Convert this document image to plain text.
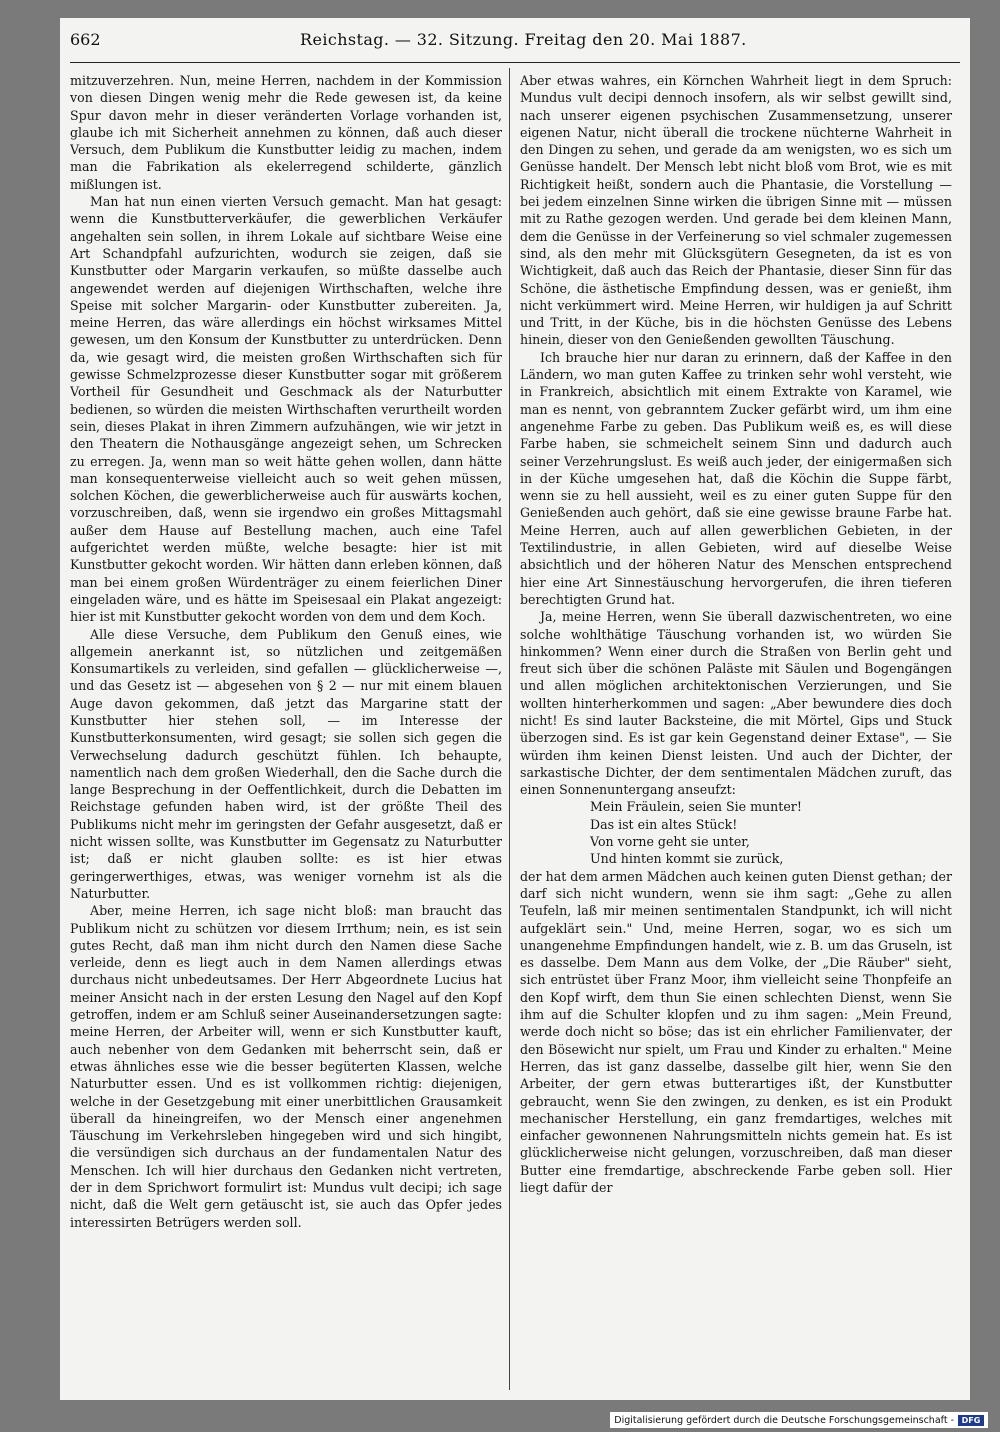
662	Reichstag. — 32. Sitzung. Freitag den 20. Mai 1887.

mitzuverzehren. Nun, meine Herren, nachdem in der Kommission von diesen Dingen wenig mehr die Rede gewesen ist, da keine Spur davon mehr in dieser veränderten Vorlage vorhanden ist, glaube ich mit Sicherheit annehmen zu können, daß auch dieser Versuch, dem Publikum die Kunstbutter leidig zu machen, indem man die Fabrikation als ekelerregend schilderte, gänzlich mißlungen ist.

Man hat nun einen vierten Versuch gemacht. Man hat gesagt: wenn die Kunstbutterverkäufer, die gewerblichen Verkäufer angehalten sein sollen, in ihrem Lokale auf sichtbare Weise eine Art Schandpfahl aufzurichten, wodurch sie zeigen, daß sie Kunstbutter oder Margarin verkaufen, so müßte dasselbe auch angewendet werden auf diejenigen Wirthschaften, welche ihre Speise mit solcher Margarin- oder Kunstbutter zubereiten. Ja, meine Herren, das wäre allerdings ein höchst wirksames Mittel gewesen, um den Konsum der Kunstbutter zu unterdrücken. Denn da, wie gesagt wird, die meisten großen Wirthschaften sich für gewisse Schmelzprozesse dieser Kunstbutter sogar mit größerem Vortheil für Gesundheit und Geschmack als der Naturbutter bedienen, so würden die meisten Wirthschaften verurtheilt worden sein, dieses Plakat in ihren Zimmern aufzuhängen, wie wir jetzt in den Theatern die Nothausgänge angezeigt sehen, um Schrecken zu erregen. Ja, wenn man so weit hätte gehen wollen, dann hätte man konsequenterweise vielleicht auch so weit gehen müssen, solchen Köchen, die gewerblicherweise auch für auswärts kochen, vorzuschreiben, daß, wenn sie irgendwo ein großes Mittagsmahl außer dem Hause auf Bestellung machen, auch eine Tafel aufgerichtet werden müßte, welche besagte: hier ist mit Kunstbutter gekocht worden. Wir hätten dann erleben können, daß man bei einem großen Würdenträger zu einem feierlichen Diner eingeladen wäre, und es hätte im Speisesaal ein Plakat angezeigt: hier ist mit Kunstbutter gekocht worden von dem und dem Koch.

Alle diese Versuche, dem Publikum den Genuß eines, wie allgemein anerkannt ist, so nützlichen und zeitgemäßen Konsumartikels zu verleiden, sind gefallen — glücklicherweise —, und das Gesetz ist — abgesehen von § 2 — nur mit einem blauen Auge davon gekommen, daß jetzt das Margarine statt der Kunstbutter hier stehen soll, — im Interesse der Kunstbutterkonsumenten, wird gesagt; sie sollen sich gegen die Verwechselung dadurch geschützt fühlen. Ich behaupte, namentlich nach dem großen Wiederhall, den die Sache durch die lange Besprechung in der Oeffentlichkeit, durch die Debatten im Reichstage gefunden haben wird, ist der größte Theil des Publikums nicht mehr im geringsten der Gefahr ausgesetzt, daß er nicht wissen sollte, was Kunstbutter im Gegensatz zu Naturbutter ist; daß er nicht glauben sollte: es ist hier etwas geringerwerthiges, etwas, was weniger vornehm ist als die Naturbutter.

Aber, meine Herren, ich sage nicht bloß: man braucht das Publikum nicht zu schützen vor diesem Irrthum; nein, es ist sein gutes Recht, daß man ihm nicht durch den Namen diese Sache verleide, denn es liegt auch in dem Namen allerdings etwas durchaus nicht unbedeutsames. Der Herr Abgeordnete Lucius hat meiner Ansicht nach in der ersten Lesung den Nagel auf den Kopf getroffen, indem er am Schluß seiner Auseinandersetzungen sagte: meine Herren, der Arbeiter will, wenn er sich Kunstbutter kauft, auch nebenher von dem Gedanken mit beherrscht sein, daß er etwas ähnliches esse wie die besser begüterten Klassen, welche Naturbutter essen. Und es ist vollkommen richtig: diejenigen, welche in der Gesetzgebung mit einer unerbittlichen Grausamkeit überall da hineingreifen, wo der Mensch einer angenehmen Täuschung im Verkehrsleben hingegeben wird und sich hingibt, die versündigen sich durchaus an der fundamentalen Natur des Menschen. Ich will hier durchaus den Gedanken nicht vertreten, der in dem Sprichwort formulirt ist: Mundus vult decipi; ich sage nicht, daß die Welt gern getäuscht ist, sie auch das Opfer jedes interessirten Betrügers werden soll.

Aber etwas wahres, ein Körnchen Wahrheit liegt in dem Spruch: Mundus vult decipi dennoch insofern, als wir selbst gewillt sind, nach unserer eigenen psychischen Zusammensetzung, unserer eigenen Natur, nicht überall die trockene nüchterne Wahrheit in den Dingen zu sehen, und gerade da am wenigsten, wo es sich um Genüsse handelt. Der Mensch lebt nicht bloß vom Brot, wie es mit Richtigkeit heißt, sondern auch die Phantasie, die Vorstellung — bei jedem einzelnen Sinne wirken die übrigen Sinne mit — müssen mit zu Rathe gezogen werden. Und gerade bei dem kleinen Mann, dem die Genüsse in der Verfeinerung so viel schmaler zugemessen sind, als den mehr mit Glücksgütern Gesegneten, da ist es von Wichtigkeit, daß auch das Reich der Phantasie, dieser Sinn für das Schöne, die ästhetische Empfindung dessen, was er genießt, ihm nicht verkümmert wird. Meine Herren, wir huldigen ja auf Schritt und Tritt, in der Küche, bis in die höchsten Genüsse des Lebens hinein, dieser von den Genießenden gewollten Täuschung.

Ich brauche hier nur daran zu erinnern, daß der Kaffee in den Ländern, wo man guten Kaffee zu trinken sehr wohl versteht, wie in Frankreich, absichtlich mit einem Extrakte von Karamel, wie man es nennt, von gebranntem Zucker gefärbt wird, um ihm eine angenehme Farbe zu geben. Das Publikum weiß es, es will diese Farbe haben, sie schmeichelt seinem Sinn und dadurch auch seiner Verzehrungslust. Es weiß auch jeder, der einigermaßen sich in der Küche umgesehen hat, daß die Köchin die Suppe färbt, wenn sie zu hell aussieht, weil es zu einer guten Suppe für den Genießenden auch gehört, daß sie eine gewisse braune Farbe hat. Meine Herren, auch auf allen gewerblichen Gebieten, in der Textilindustrie, in allen Gebieten, wird auf dieselbe Weise absichtlich und der höheren Natur des Menschen entsprechend hier eine Art Sinnestäuschung hervorgerufen, die ihren tieferen berechtigten Grund hat.

Ja, meine Herren, wenn Sie überall dazwischentreten, wo eine solche wohlthätige Täuschung vorhanden ist, wo würden Sie hinkommen? Wenn einer durch die Straßen von Berlin geht und freut sich über die schönen Paläste mit Säulen und Bogengängen und allen möglichen architektonischen Verzierungen, und Sie wollten hinterherkommen und sagen: „Aber bewundere dies doch nicht! Es sind lauter Backsteine, die mit Mörtel, Gips und Stuck überzogen sind. Es ist gar kein Gegenstand deiner Extase", — Sie würden ihm keinen Dienst leisten. Und auch der Dichter, der sarkastische Dichter, der dem sentimentalen Mädchen zuruft, das einen Sonnenuntergang anseufzt:

Mein Fräulein, seien Sie munter!
Das ist ein altes Stück!
Von vorne geht sie unter,
Und hinten kommt sie zurück,

der hat dem armen Mädchen auch keinen guten Dienst gethan; der darf sich nicht wundern, wenn sie ihm sagt: „Gehe zu allen Teufeln, laß mir meinen sentimentalen Standpunkt, ich will nicht aufgeklärt sein." Und, meine Herren, sogar, wo es sich um unangenehme Empfindungen handelt, wie z. B. um das Gruseln, ist es dasselbe. Dem Mann aus dem Volke, der „Die Räuber" sieht, sich entrüstet über Franz Moor, ihm vielleicht seine Thonpfeife an den Kopf wirft, dem thun Sie einen schlechten Dienst, wenn Sie ihm auf die Schulter klopfen und zu ihm sagen: „Mein Freund, werde doch nicht so böse; das ist ein ehrlicher Familienvater, der den Bösewicht nur spielt, um Frau und Kinder zu erhalten." Meine Herren, das ist ganz dasselbe, dasselbe gilt hier, wenn Sie den Arbeiter, der gern etwas butterartiges ißt, der Kunstbutter gebraucht, wenn Sie den zwingen, zu denken, es ist ein Produkt mechanischer Herstellung, ein ganz fremdartiges, welches mit einfacher gewonnenen Nahrungsmitteln nichts gemein hat. Es ist glücklicherweise nicht gelungen, vorzuschreiben, daß man dieser Butter eine fremdartige, abschreckende Farbe geben soll. Hier liegt dafür der

Digitalisierung gefördert durch die Deutsche Forschungsgemeinschaft - DFG
